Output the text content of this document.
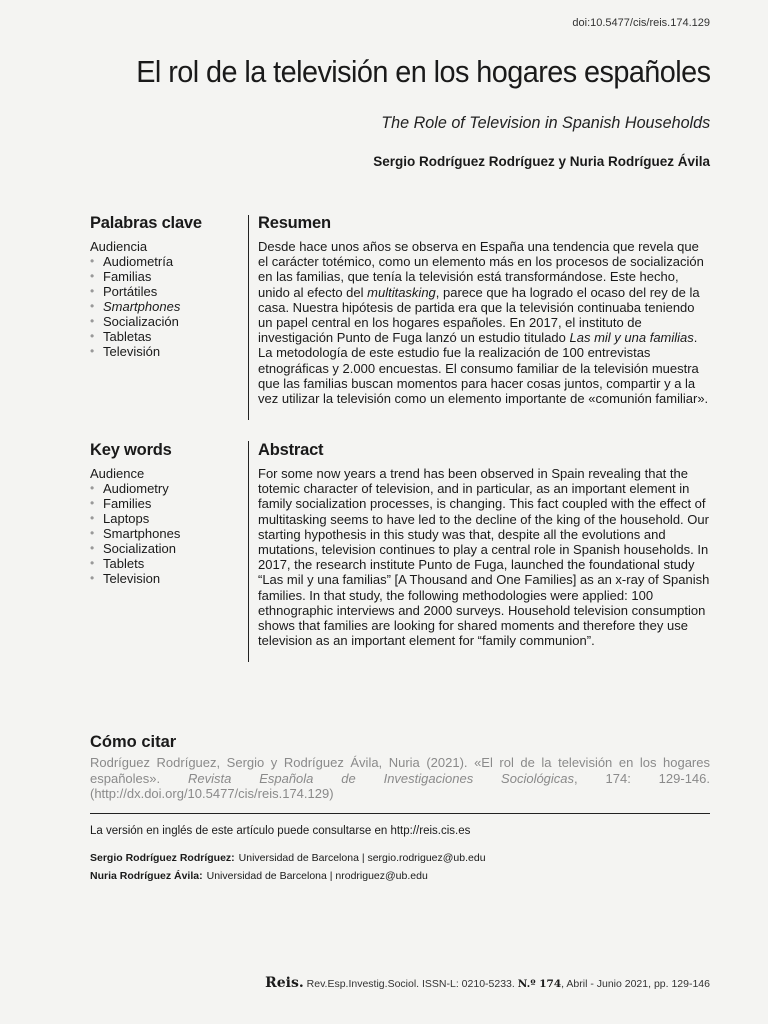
doi:10.5477/cis/reis.174.129
El rol de la televisión en los hogares españoles
The Role of Television in Spanish Households
Sergio Rodríguez Rodríguez y Nuria Rodríguez Ávila
Palabras clave
Audiencia
• Audiometría
• Familias
• Portátiles
• Smartphones
• Socialización
• Tabletas
• Televisión
Resumen

Desde hace unos años se observa en España una tendencia que revela que el carácter totémico, como un elemento más en los procesos de socialización en las familias, que tenía la televisión está transformándose. Este hecho, unido al efecto del multitasking, parece que ha logrado el ocaso del rey de la casa. Nuestra hipótesis de partida era que la televisión continuaba teniendo un papel central en los hogares españoles. En 2017, el instituto de investigación Punto de Fuga lanzó un estudio titulado Las mil y una familias. La metodología de este estudio fue la realización de 100 entrevistas etnográficas y 2.000 encuestas. El consumo familiar de la televisión muestra que las familias buscan momentos para hacer cosas juntos, compartir y a la vez utilizar la televisión como un elemento importante de «comunión familiar».

Key words
Audience
• Audiometry
• Families
• Laptops
• Smartphones
• Socialization
• Tablets
• Television
Abstract

For some now years a trend has been observed in Spain revealing that the totemic character of television, and in particular, as an important element in family socialization processes, is changing. This fact coupled with the effect of multitasking seems to have led to the decline of the king of the household. Our starting hypothesis in this study was that, despite all the evolutions and mutations, television continues to play a central role in Spanish households. In 2017, the research institute Punto de Fuga, launched the foundational study “Las mil y una familias” [A Thousand and One Families] as an x-ray of Spanish families. In that study, the following methodologies were applied: 100 ethnographic interviews and 2000 surveys. Household television consumption shows that families are looking for shared moments and therefore they use television as an important element for “family communion”.

Cómo citar

Rodríguez Rodríguez, Sergio y Rodríguez Ávila, Nuria (2021). «El rol de la televisión en los hogares españoles». Revista Española de Investigaciones Sociológicas, 174: 129-146. (http://dx.doi.org/10.5477/cis/reis.174.129)

La versión en inglés de este artículo puede consultarse en http://reis.cis.es
Sergio Rodríguez Rodríguez: Universidad de Barcelona | sergio.rodriguez@ub.edu
Nuria Rodríguez Ávila: Universidad de Barcelona | nrodriguez@ub.edu
Reis. Rev.Esp.Investig.Sociol. ISSN-L: 0210-5233. N.º 174, Abril - Junio 2021, pp. 129-146
